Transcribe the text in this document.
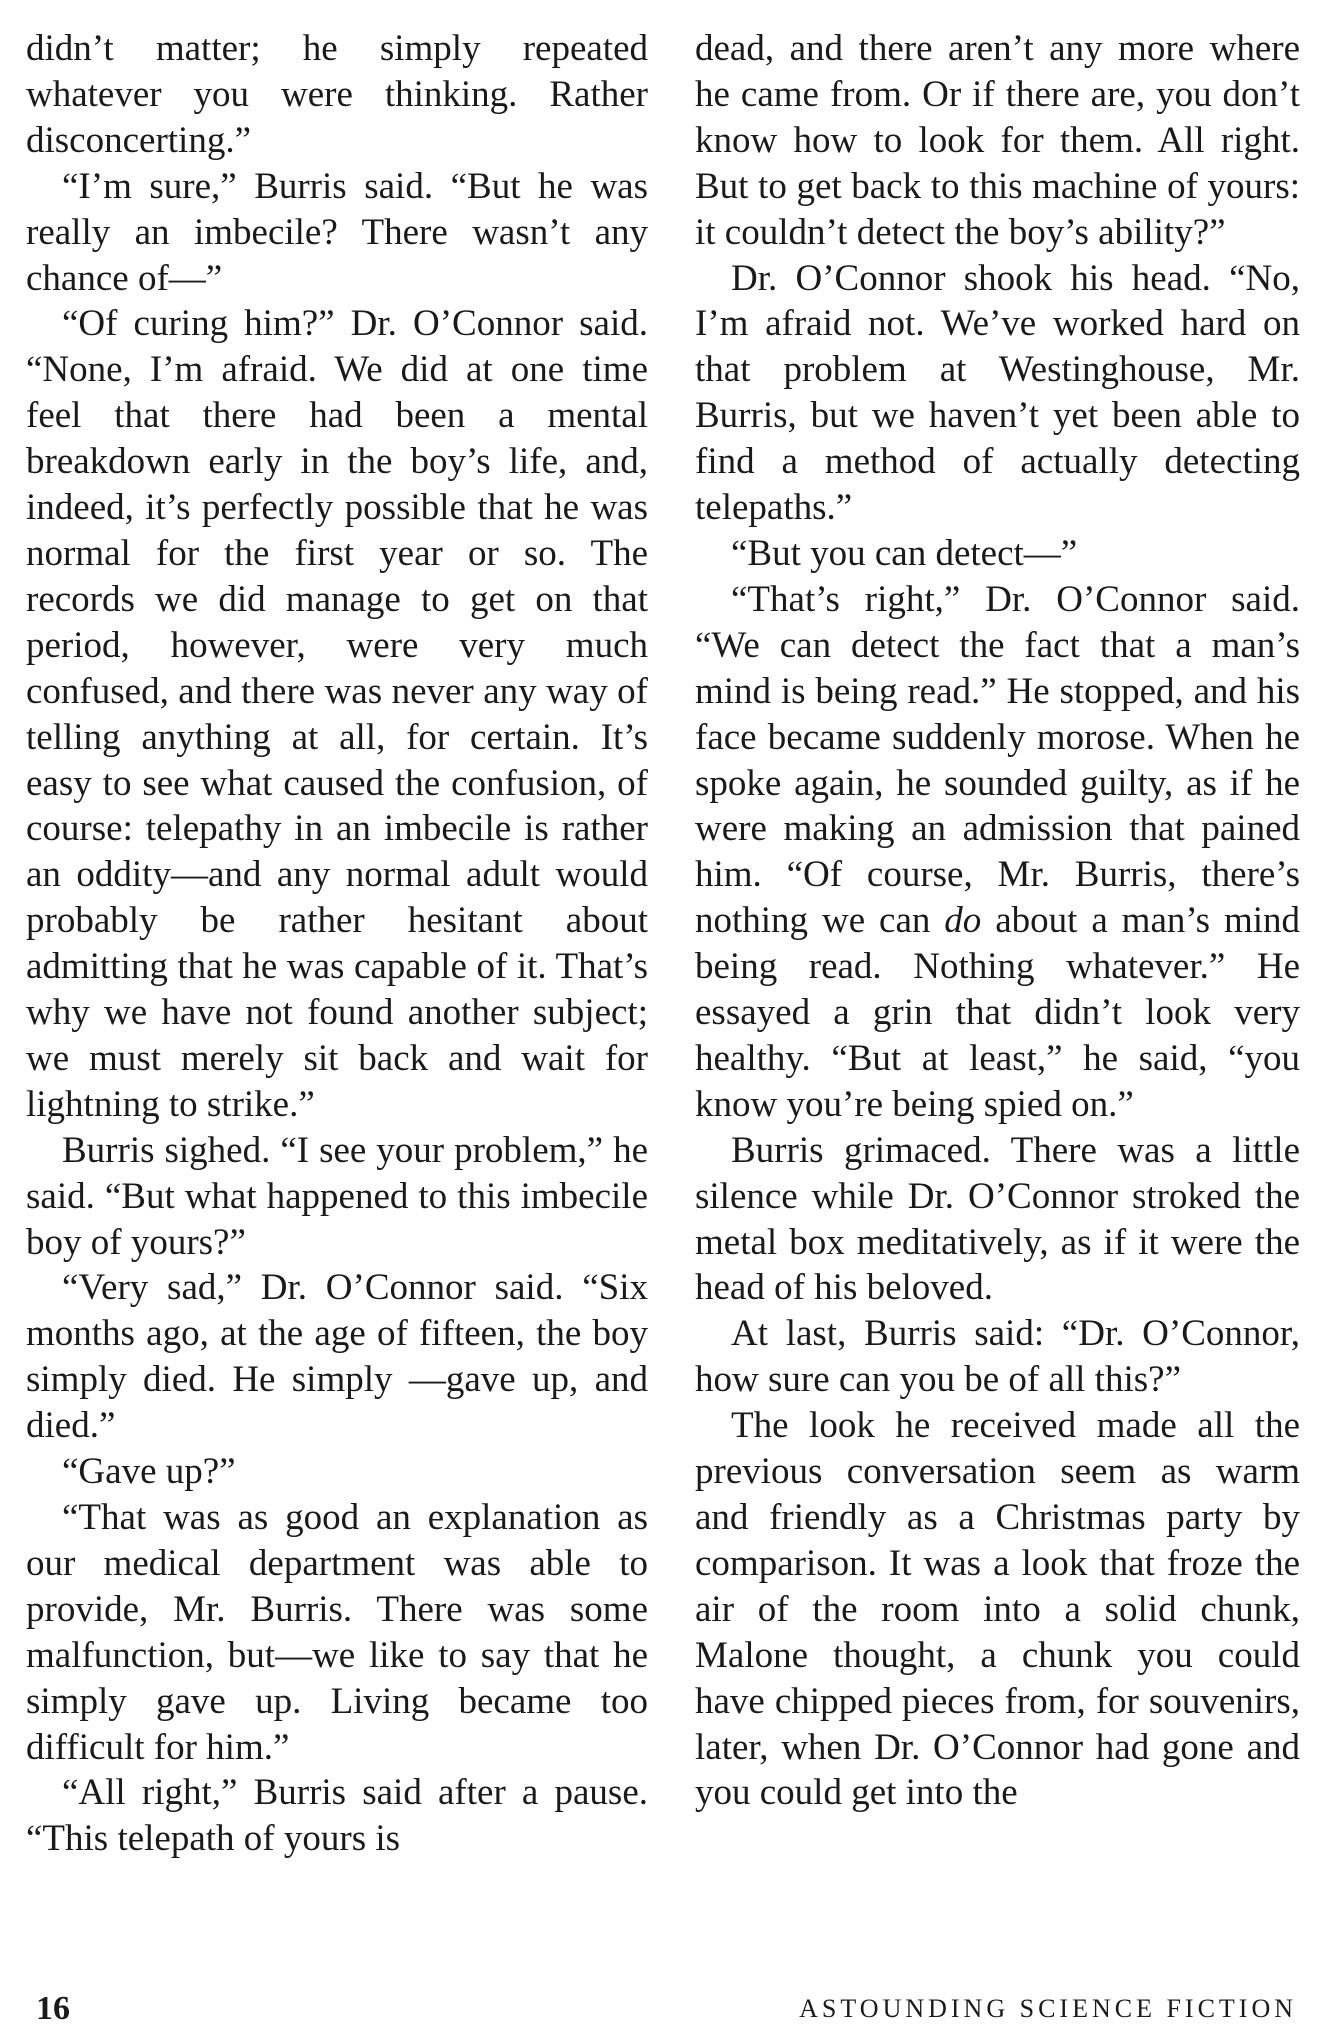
didn’t matter; he simply repeated whatever you were thinking. Rather disconcerting.”

“I’m sure,” Burris said. “But he was really an imbecile? There wasn’t any chance of—”

“Of curing him?” Dr. O’Connor said. “None, I’m afraid. We did at one time feel that there had been a mental breakdown early in the boy’s life, and, indeed, it’s perfectly possible that he was normal for the first year or so. The records we did manage to get on that period, however, were very much confused, and there was never any way of telling anything at all, for certain. It’s easy to see what caused the confusion, of course: telepathy in an imbecile is rather an oddity—and any normal adult would probably be rather hesitant about admitting that he was capable of it. That’s why we have not found another subject; we must merely sit back and wait for lightning to strike.”

Burris sighed. “I see your problem,” he said. “But what happened to this imbecile boy of yours?”

“Very sad,” Dr. O’Connor said. “Six months ago, at the age of fifteen, the boy simply died. He simply —gave up, and died.”

“Gave up?”

“That was as good an explanation as our medical department was able to provide, Mr. Burris. There was some malfunction, but—we like to say that he simply gave up. Living became too difficult for him.”

“All right,” Burris said after a pause. “This telepath of yours is

dead, and there aren’t any more where he came from. Or if there are, you don’t know how to look for them. All right. But to get back to this machine of yours: it couldn’t detect the boy’s ability?”

Dr. O’Connor shook his head. “No, I’m afraid not. We’ve worked hard on that problem at Westinghouse, Mr. Burris, but we haven’t yet been able to find a method of actually detecting telepaths.”

“But you can detect—”

“That’s right,” Dr. O’Connor said. “We can detect the fact that a man’s mind is being read.” He stopped, and his face became suddenly morose. When he spoke again, he sounded guilty, as if he were making an admission that pained him. “Of course, Mr. Burris, there’s nothing we can do about a man’s mind being read. Nothing whatever.” He essayed a grin that didn’t look very healthy. “But at least,” he said, “you know you’re being spied on.”

Burris grimaced. There was a little silence while Dr. O’Connor stroked the metal box meditatively, as if it were the head of his beloved.

At last, Burris said: “Dr. O’Connor, how sure can you be of all this?”

The look he received made all the previous conversation seem as warm and friendly as a Christmas party by comparison. It was a look that froze the air of the room into a solid chunk, Malone thought, a chunk you could have chipped pieces from, for souvenirs, later, when Dr. O’Connor had gone and you could get into the

16	ASTOUNDING SCIENCE FICTION
